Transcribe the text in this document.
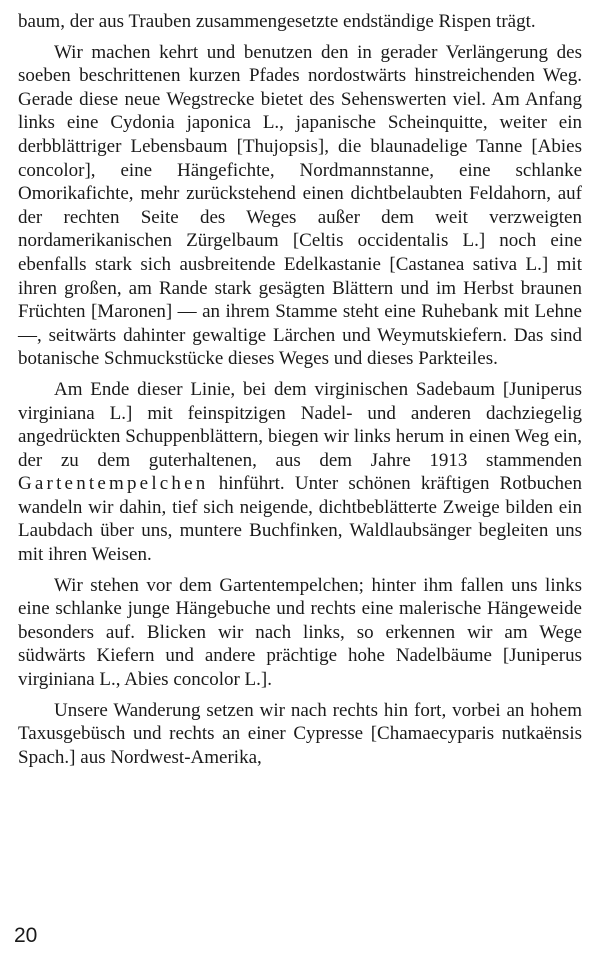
baum, der aus Trauben zusammengesetzte endständige Rispen trägt.

Wir machen kehrt und benutzen den in gerader Verlängerung des soeben beschrittenen kurzen Pfades nordostwärts hinstreichenden Weg. Gerade diese neue Wegstrecke bietet des Sehenswerten viel. Am Anfang links eine Cydonia japonica L., japanische Scheinquitte, weiter ein derbblättriger Lebensbaum [Thujopsis], die blaunadelige Tanne [Abies concolor], eine Hängefichte, Nordmannstanne, eine schlanke Omorikafichte, mehr zurückstehend einen dichtbelaubten Feldahorn, auf der rechten Seite des Weges außer dem weit verzweigten nordamerikanischen Zürgelbaum [Celtis occidentalis L.] noch eine ebenfalls stark sich ausbreitende Edelkastanie [Castanea sativa L.] mit ihren großen, am Rande stark gesägten Blättern und im Herbst braunen Früchten [Maronen] — an ihrem Stamme steht eine Ruhebank mit Lehne —, seitwärts dahinter gewaltige Lärchen und Weymutskiefern. Das sind botanische Schmuckstücke dieses Weges und dieses Parkteiles.

Am Ende dieser Linie, bei dem virginischen Sadebaum [Juniperus virginiana L.] mit feinspitzigen Nadel- und anderen dachziegelig angedrückten Schuppenblättern, biegen wir links herum in einen Weg ein, der zu dem guterhaltenen, aus dem Jahre 1913 stammenden Gartentempelchen hinführt. Unter schönen kräftigen Rotbuchen wandeln wir dahin, tief sich neigende, dichtbeblätterte Zweige bilden ein Laubdach über uns, muntere Buchfinken, Waldlaubsänger begleiten uns mit ihren Weisen.

Wir stehen vor dem Gartentempelchen; hinter ihm fallen uns links eine schlanke junge Hängebuche und rechts eine malerische Hängeweide besonders auf. Blicken wir nach links, so erkennen wir am Wege südwärts Kiefern und andere prächtige hohe Nadelbäume [Juniperus virginiana L., Abies concolor L.].

Unsere Wanderung setzen wir nach rechts hin fort, vorbei an hohem Taxusgebüsch und rechts an einer Cypresse [Chamaecyparis nutkaënsis Spach.] aus Nordwest-Amerika,

20
